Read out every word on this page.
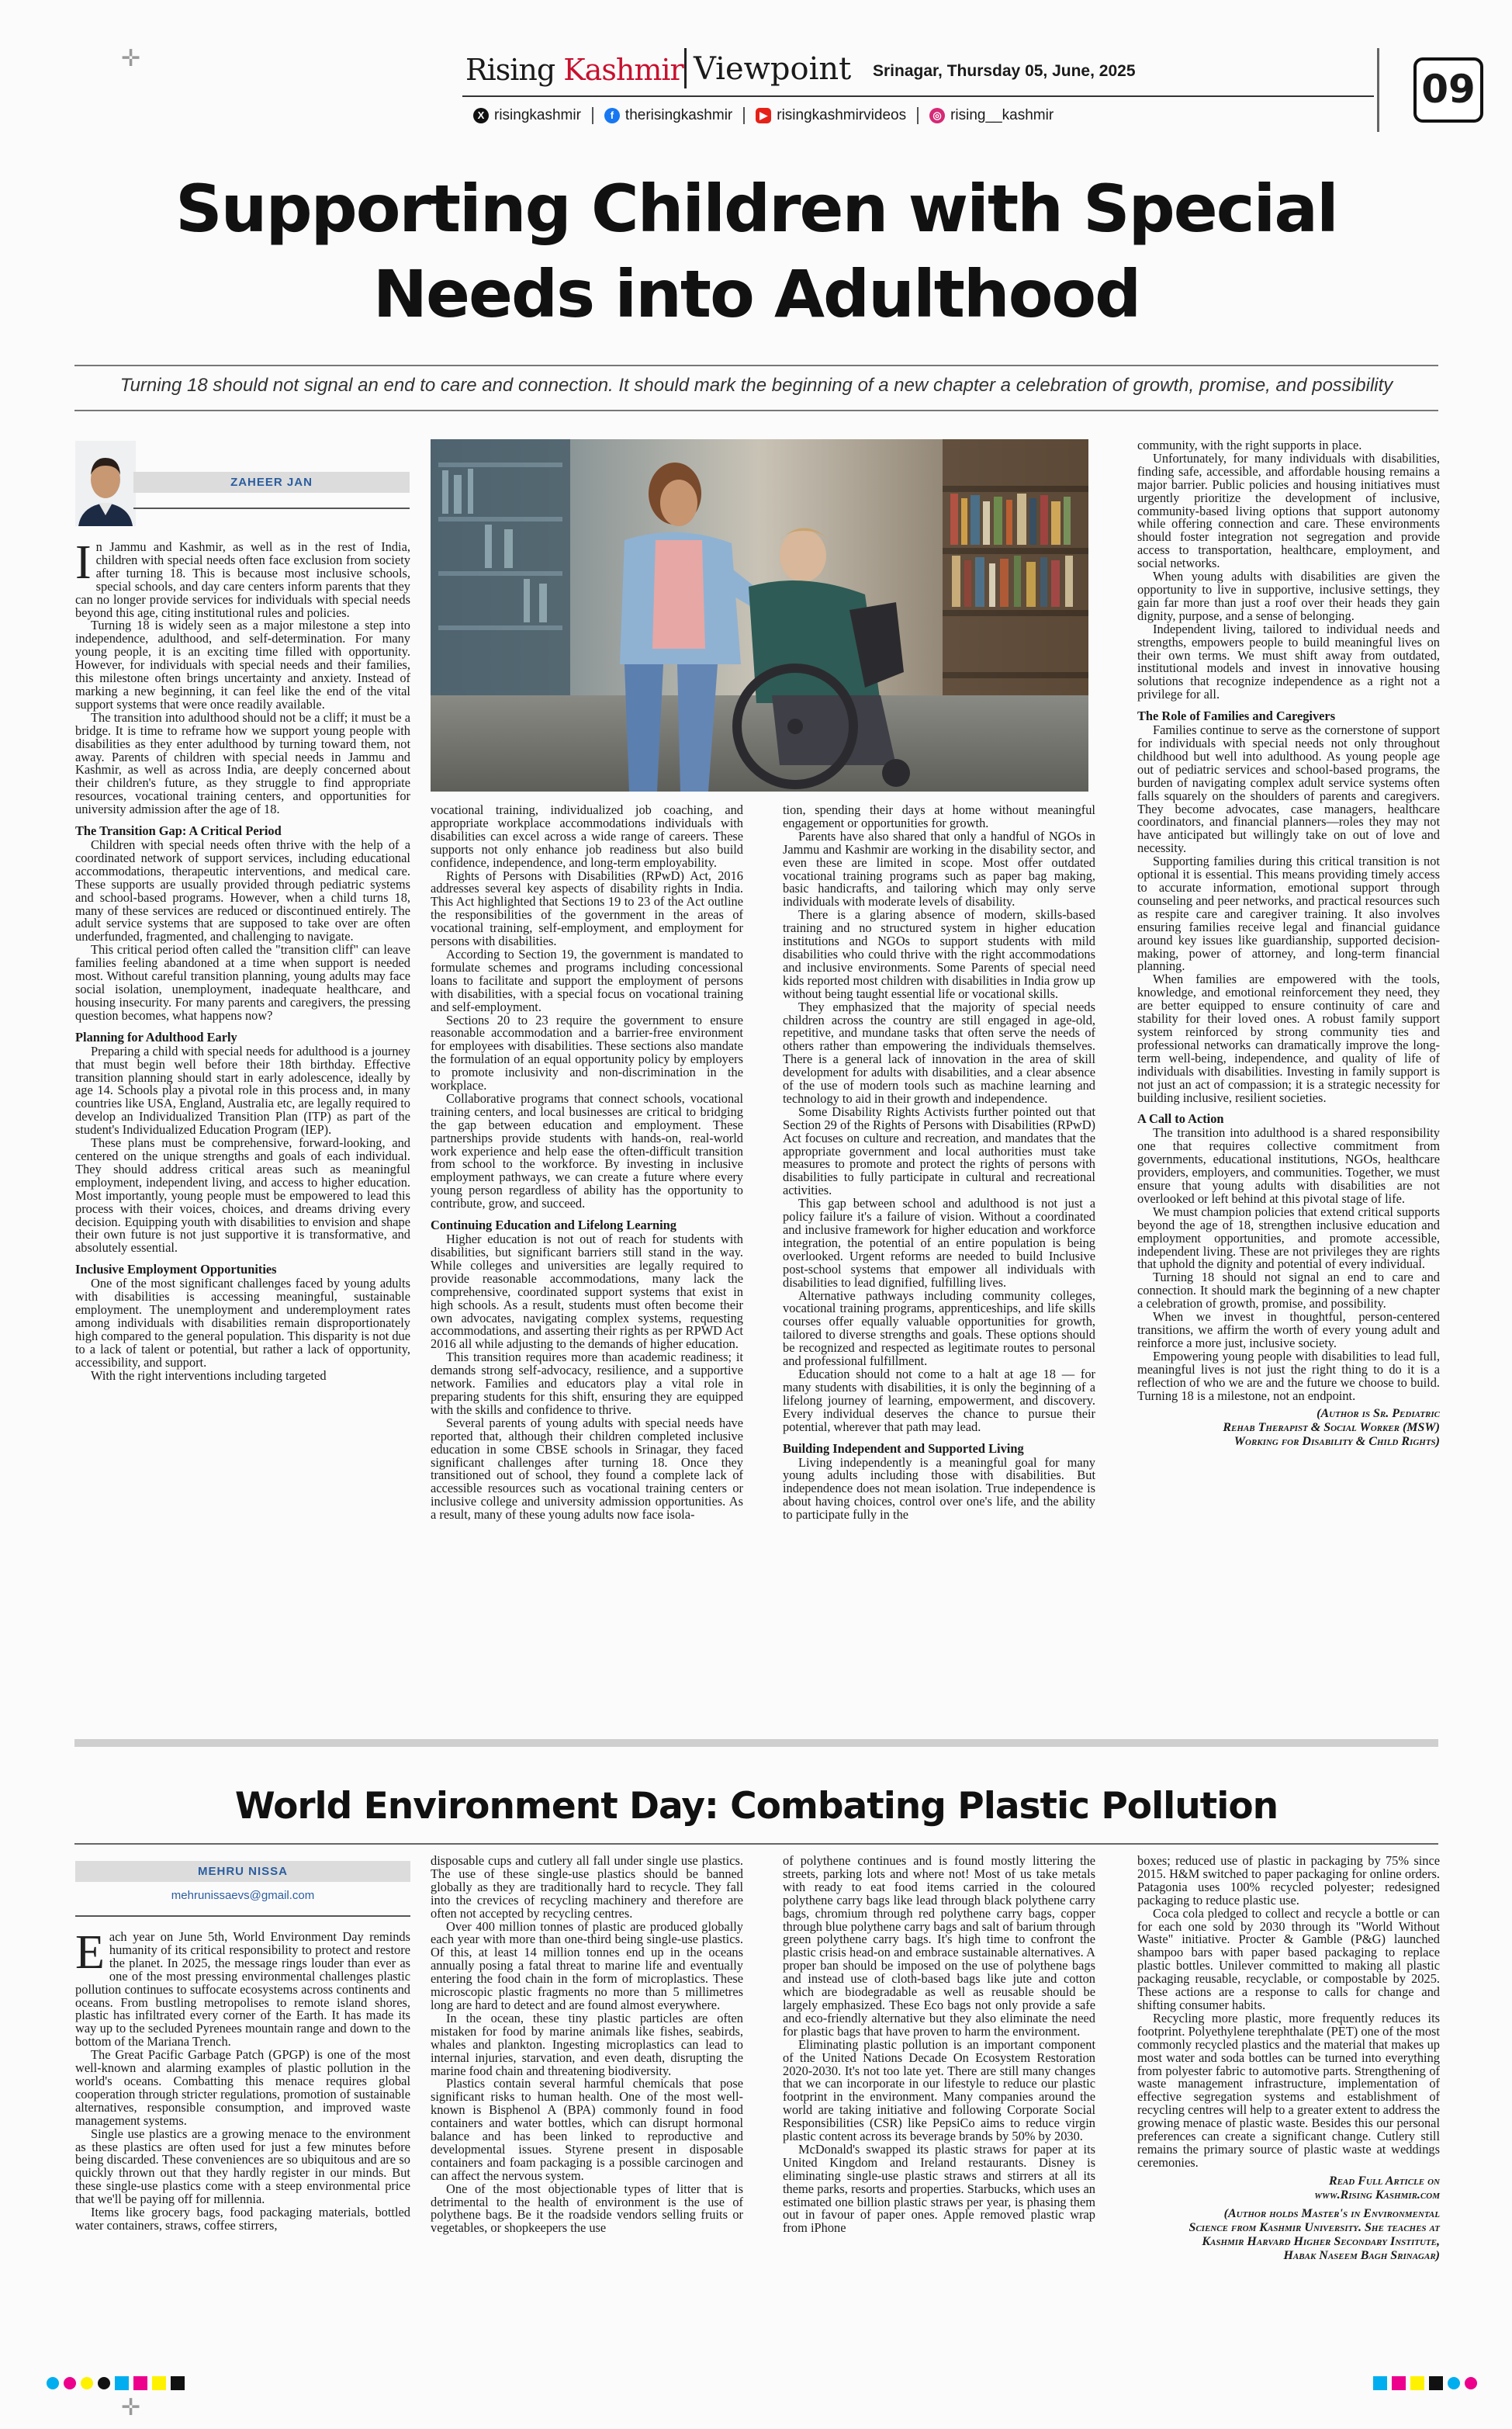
✛
✛
Rising Kashmir Viewpoint Srinagar, Thursday 05, June, 2025
X risingkashmir	f therisingkashmir	▶ risingkashmirvideos	◎ rising__kashmir
09
Supporting Children with Special
Needs into Adulthood
Turning 18 should not signal an end to care and connection. It should mark the beginning of a new chapter a celebration of growth, promise, and possibility
ZAHEER JAN

In Jammu and Kashmir, as well as in the rest of India, children with special needs often face exclusion from society after turning 18. This is because most inclusive schools, special schools, and day care centers inform parents that they can no longer provide services for individuals with special needs beyond this age, citing institutional rules and policies.

Turning 18 is widely seen as a major milestone a step into independence, adulthood, and self-determination. For many young people, it is an exciting time filled with opportunity. However, for individuals with special needs and their families, this milestone often brings uncertainty and anxiety. Instead of marking a new beginning, it can feel like the end of the vital support systems that were once readily available.

The transition into adulthood should not be a cliff; it must be a bridge. It is time to reframe how we support young people with disabilities as they enter adulthood by turning toward them, not away. Parents of children with special needs in Jammu and Kashmir, as well as across India, are deeply concerned about their children's future, as they struggle to find appropriate resources, vocational training centers, and opportunities for university admission after the age of 18.

The Transition Gap: A Critical Period

Children with special needs often thrive with the help of a coordinated network of support services, including educational accommodations, therapeutic interventions, and medical care. These supports are usually provided through pediatric systems and school-based programs. However, when a child turns 18, many of these services are reduced or discontinued entirely. The adult service systems that are supposed to take over are often underfunded, fragmented, and challenging to navigate.

This critical period often called the "transition cliff" can leave families feeling abandoned at a time when support is needed most. Without careful transition planning, young adults may face social isolation, unemployment, inadequate healthcare, and housing insecurity. For many parents and caregivers, the pressing question becomes, what happens now?

Planning for Adulthood Early

Preparing a child with special needs for adulthood is a journey that must begin well before their 18th birthday. Effective transition planning should start in early adolescence, ideally by age 14. Schools play a pivotal role in this process and, in many countries like USA, England, Australia etc, are legally required to develop an Individualized Transition Plan (ITP) as part of the student's Individualized Education Program (IEP).

These plans must be comprehensive, forward-looking, and centered on the unique strengths and goals of each individual. They should address critical areas such as meaningful employment, independent living, and access to higher education. Most importantly, young people must be empowered to lead this process with their voices, choices, and dreams driving every decision. Equipping youth with disabilities to envision and shape their own future is not just supportive it is transformative, and absolutely essential.

Inclusive Employment Opportunities

One of the most significant challenges faced by young adults with disabilities is accessing meaningful, sustainable employment. The unemployment and underemployment rates among individuals with disabilities remain disproportionately high compared to the general population. This disparity is not due to a lack of talent or potential, but rather a lack of opportunity, accessibility, and support.

With the right interventions including targeted

vocational training, individualized job coaching, and appropriate workplace accommodations individuals with disabilities can excel across a wide range of careers. These supports not only enhance job readiness but also build confidence, independence, and long-term employability.

Rights of Persons with Disabilities (RPwD) Act, 2016 addresses several key aspects of disability rights in India. This Act highlighted that Sections 19 to 23 of the Act outline the responsibilities of the government in the areas of vocational training, self-employment, and employment for persons with disabilities.

According to Section 19, the government is mandated to formulate schemes and programs including concessional loans to facilitate and support the employment of persons with disabilities, with a special focus on vocational training and self-employment.

Sections 20 to 23 require the government to ensure reasonable accommodation and a barrier-free environment for employees with disabilities. These sections also mandate the formulation of an equal opportunity policy by employers to promote inclusivity and non-discrimination in the workplace.

Collaborative programs that connect schools, vocational training centers, and local businesses are critical to bridging the gap between education and employment. These partnerships provide students with hands-on, real-world work experience and help ease the often-difficult transition from school to the workforce. By investing in inclusive employment pathways, we can create a future where every young person regardless of ability has the opportunity to contribute, grow, and succeed.

Continuing Education and Lifelong Learning

Higher education is not out of reach for students with disabilities, but significant barriers still stand in the way. While colleges and universities are legally required to provide reasonable accommodations, many lack the comprehensive, coordinated support systems that exist in high schools. As a result, students must often become their own advocates, navigating complex systems, requesting accommodations, and asserting their rights as per RPWD Act 2016 all while adjusting to the demands of higher education.

This transition requires more than academic readiness; it demands strong self-advocacy, resilience, and a supportive network. Families and educators play a vital role in preparing students for this shift, ensuring they are equipped with the skills and confidence to thrive.

Several parents of young adults with special needs have reported that, although their children completed inclusive education in some CBSE schools in Srinagar, they faced significant challenges after turning 18. Once they transitioned out of school, they found a complete lack of accessible resources such as vocational training centers or inclusive college and university admission opportunities. As a result, many of these young adults now face isola-

tion, spending their days at home without meaningful engagement or opportunities for growth.

Parents have also shared that only a handful of NGOs in Jammu and Kashmir are working in the disability sector, and even these are limited in scope. Most offer outdated vocational training programs such as paper bag making, basic handicrafts, and tailoring which may only serve individuals with moderate levels of disability.

There is a glaring absence of modern, skills-based training and no structured system in higher education institutions and NGOs to support students with mild disabilities who could thrive with the right accommodations and inclusive environments. Some Parents of special need kids reported most children with disabilities in India grow up without being taught essential life or vocational skills.

They emphasized that the majority of special needs children across the country are still engaged in age-old, repetitive, and mundane tasks that often serve the needs of others rather than empowering the individuals themselves. There is a general lack of innovation in the area of skill development for adults with disabilities, and a clear absence of the use of modern tools such as machine learning and technology to aid in their growth and independence.

Some Disability Rights Activists further pointed out that Section 29 of the Rights of Persons with Disabilities (RPwD) Act focuses on culture and recreation, and mandates that the appropriate government and local authorities must take measures to promote and protect the rights of persons with disabilities to fully participate in cultural and recreational activities.

This gap between school and adulthood is not just a policy failure it's a failure of vision. Without a coordinated and inclusive framework for higher education and workforce integration, the potential of an entire population is being overlooked. Urgent reforms are needed to build Inclusive post-school systems that empower all individuals with disabilities to lead dignified, fulfilling lives.

Alternative pathways including community colleges, vocational training programs, apprenticeships, and life skills courses offer equally valuable opportunities for growth, tailored to diverse strengths and goals. These options should be recognized and respected as legitimate routes to personal and professional fulfillment.

Education should not come to a halt at age 18 — for many students with disabilities, it is only the beginning of a lifelong journey of learning, empowerment, and discovery. Every individual deserves the chance to pursue their potential, wherever that path may lead.

Building Independent and Supported Living

Living independently is a meaningful goal for many young adults including those with disabilities. But independence does not mean isolation. True independence is about having choices, control over one's life, and the ability to participate fully in the

community, with the right supports in place.

Unfortunately, for many individuals with disabilities, finding safe, accessible, and affordable housing remains a major barrier. Public policies and housing initiatives must urgently prioritize the development of inclusive, community-based living options that support autonomy while offering connection and care. These environments should foster integration not segregation and provide access to transportation, healthcare, employment, and social networks.

When young adults with disabilities are given the opportunity to live in supportive, inclusive settings, they gain far more than just a roof over their heads they gain dignity, purpose, and a sense of belonging.

Independent living, tailored to individual needs and strengths, empowers people to build meaningful lives on their own terms. We must shift away from outdated, institutional models and invest in innovative housing solutions that recognize independence as a right not a privilege for all.

The Role of Families and Caregivers

Families continue to serve as the cornerstone of support for individuals with special needs not only throughout childhood but well into adulthood. As young people age out of pediatric services and school-based programs, the burden of navigating complex adult service systems often falls squarely on the shoulders of parents and caregivers. They become advocates, case managers, healthcare coordinators, and financial planners—roles they may not have anticipated but willingly take on out of love and necessity.

Supporting families during this critical transition is not optional it is essential. This means providing timely access to accurate information, emotional support through counseling and peer networks, and practical resources such as respite care and caregiver training. It also involves ensuring families receive legal and financial guidance around key issues like guardianship, supported decision-making, power of attorney, and long-term financial planning.

When families are empowered with the tools, knowledge, and emotional reinforcement they need, they are better equipped to ensure continuity of care and stability for their loved ones. A robust family support system reinforced by strong community ties and professional networks can dramatically improve the long-term well-being, independence, and quality of life of individuals with disabilities. Investing in family support is not just an act of compassion; it is a strategic necessity for building inclusive, resilient societies.

A Call to Action

The transition into adulthood is a shared responsibility one that requires collective commitment from governments, educational institutions, NGOs, healthcare providers, employers, and communities. Together, we must ensure that young adults with disabilities are not overlooked or left behind at this pivotal stage of life.

We must champion policies that extend critical supports beyond the age of 18, strengthen inclusive education and employment opportunities, and promote accessible, independent living. These are not privileges they are rights that uphold the dignity and potential of every individual.

Turning 18 should not signal an end to care and connection. It should mark the beginning of a new chapter a celebration of growth, promise, and possibility.

When we invest in thoughtful, person-centered transitions, we affirm the worth of every young adult and reinforce a more just, inclusive society.

Empowering young people with disabilities to lead full, meaningful lives is not just the right thing to do it is a reflection of who we are and the future we choose to build. Turning 18 is a milestone, not an endpoint.

(Author is Sr. Pediatric
Rehab Therapist & Social Worker (MSW)
Working for Disability & Child Rights)
World Environment Day: Combating Plastic Pollution
MEHRU NISSA
mehrunissaevs@gmail.com

Each year on June 5th, World Environment Day reminds humanity of its critical responsibility to protect and restore the planet. In 2025, the message rings louder than ever as one of the most pressing environmental challenges plastic pollution continues to suffocate ecosystems across continents and oceans. From bustling metropolises to remote island shores, plastic has infiltrated every corner of the Earth. It has made its way up to the secluded Pyrenees mountain range and down to the bottom of the Mariana Trench.

The Great Pacific Garbage Patch (GPGP) is one of the most well-known and alarming examples of plastic pollution in the world's oceans. Combatting this menace requires global cooperation through stricter regulations, promotion of sustainable alternatives, responsible consumption, and improved waste management systems.

Single use plastics are a growing menace to the environment as these plastics are often used for just a few minutes before being discarded. These conveniences are so ubiquitous and are so quickly thrown out that they hardly register in our minds. But these single-use plastics come with a steep environmental price that we'll be paying off for millennia.

Items like grocery bags, food packaging materials, bottled water containers, straws, coffee stirrers,

disposable cups and cutlery all fall under single use plastics. The use of these single-use plastics should be banned globally as they are traditionally hard to recycle. They fall into the crevices of recycling machinery and therefore are often not accepted by recycling centres.

Over 400 million tonnes of plastic are produced globally each year with more than one-third being single-use plastics. Of this, at least 14 million tonnes end up in the oceans annually posing a fatal threat to marine life and eventually entering the food chain in the form of microplastics. These microscopic plastic fragments no more than 5 millimetres long are hard to detect and are found almost everywhere.

In the ocean, these tiny plastic particles are often mistaken for food by marine animals like fishes, seabirds, whales and plankton. Ingesting microplastics can lead to internal injuries, starvation, and even death, disrupting the marine food chain and threatening biodiversity.

Plastics contain several harmful chemicals that pose significant risks to human health. One of the most well-known is Bisphenol A (BPA) commonly found in food containers and water bottles, which can disrupt hormonal balance and has been linked to reproductive and developmental issues. Styrene present in disposable containers and foam packaging is a possible carcinogen and can affect the nervous system.

One of the most objectionable types of litter that is detrimental to the health of environment is the use of polythene bags. Be it the roadside vendors selling fruits or vegetables, or shopkeepers the use

of polythene continues and is found mostly littering the streets, parking lots and where not! Most of us take metals with ready to eat food items carried in the coloured polythene carry bags like lead through black polythene carry bags, chromium through red polythene carry bags, copper through blue polythene carry bags and salt of barium through green polythene carry bags. It's high time to confront the plastic crisis head-on and embrace sustainable alternatives. A proper ban should be imposed on the use of polythene bags and instead use of cloth-based bags like jute and cotton which are biodegradable as well as reusable should be largely emphasized. These Eco bags not only provide a safe and eco-friendly alternative but they also eliminate the need for plastic bags that have proven to harm the environment.

Eliminating plastic pollution is an important component of the United Nations Decade On Ecosystem Restoration 2020-2030. It's not too late yet. There are still many changes that we can incorporate in our lifestyle to reduce our plastic footprint in the environment. Many companies around the world are taking initiative and following Corporate Social Responsibilities (CSR) like PepsiCo aims to reduce virgin plastic content across its beverage brands by 50% by 2030.

McDonald's swapped its plastic straws for paper at its United Kingdom and Ireland restaurants. Disney is eliminating single-use plastic straws and stirrers at all its theme parks, resorts and properties. Starbucks, which uses an estimated one billion plastic straws per year, is phasing them out in favour of paper ones. Apple removed plastic wrap from iPhone

boxes; reduced use of plastic in packaging by 75% since 2015. H&M switched to paper packaging for online orders. Patagonia uses 100% recycled polyester; redesigned packaging to reduce plastic use.

Coca cola pledged to collect and recycle a bottle or can for each one sold by 2030 through its "World Without Waste" initiative. Procter & Gamble (P&G) launched shampoo bars with paper based packaging to replace plastic bottles. Unilever committed to making all plastic packaging reusable, recyclable, or compostable by 2025. These actions are a response to calls for change and shifting consumer habits.

Recycling more plastic, more frequently reduces its footprint. Polyethylene terephthalate (PET) one of the most commonly recycled plastics and the material that makes up most water and soda bottles can be turned into everything from polyester fabric to automotive parts. Strengthening of waste management infrastructure, implementation of effective segregation systems and establishment of recycling centres will help to a greater extent to address the growing menace of plastic waste. Besides this our personal preferences can create a significant change. Cutlery still remains the primary source of plastic waste at weddings ceremonies.

Read Full Article on
www.Rising Kashmir.com
(Author holds Master's in Environmental
Science from Kashmir University. She teaches at
Kashmir Harvard Higher Secondary Institute,
Habak Naseem Bagh Srinagar)
